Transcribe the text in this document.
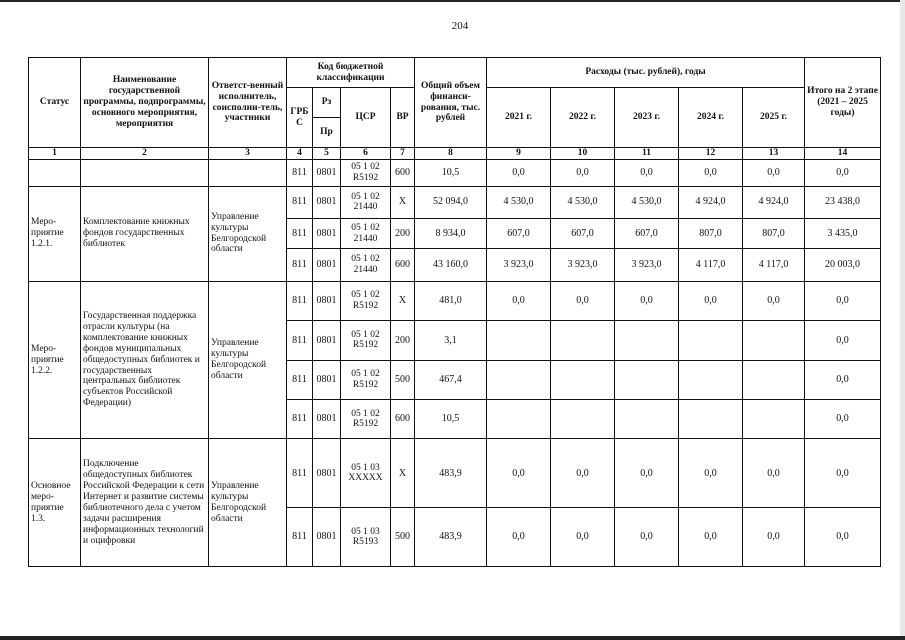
204
Статус	Наименование государственной программы, подпрограммы, основного мероприятия, мероприятия	Ответст-венный исполнитель, соисполни-тель, участники	Код бюджетной классификации				Общий объем финанси-рования, тыс. рублей	Расходы (тыс. рублей), годы					Итого на 2 этапе (2021 – 2025 годы)
			ГРБ С	Рз	ЦСР	ВР		2021 г.	2022 г.	2023 г.	2024 г.	2025 г.	
				Пр									
1	2	3	4	5	6	7	8	9	10	11	12	13	14
			811	0801	05 1 02 R5192	600	10,5	0,0	0,0	0,0	0,0	0,0	0,0
Меро-приятие 1.2.1.	Комплектование книжных фондов государственных библиотек	Управление культуры Белгородской области	811	0801	05 1 02 21440	Х	52 094,0	4 530,0	4 530,0	4 530,0	4 924,0	4 924,0	23 438,0
			811	0801	05 1 02 21440	200	8 934,0	607,0	607,0	607,0	807,0	807,0	3 435,0
			811	0801	05 1 02 21440	600	43 160,0	3 923,0	3 923,0	3 923,0	4 117,0	4 117,0	20 003,0
Меро-приятие 1.2.2.	Государственная поддержка отрасли культуры (на комплектование книжных фондов муниципальных общедоступных библиотек и государственных центральных библиотек субъектов Российской Федерации)	Управление культуры Белгородской области	811	0801	05 1 02 R5192	Х	481,0	0,0	0,0	0,0	0,0	0,0	0,0
			811	0801	05 1 02 R5192	200	3,1						0,0
			811	0801	05 1 02 R5192	500	467,4						0,0
			811	0801	05 1 02 R5192	600	10,5						0,0
Основное меро-приятие 1.3.	Подключение общедоступных библиотек Российской Федерации к сети Интернет и развитие системы библиотечного дела с учетом задачи расширения информационных технологий и оцифровки	Управление культуры Белгородской области	811	0801	05 1 03 ХХХХХ	Х	483,9	0,0	0,0	0,0	0,0	0,0	0,0
			811	0801	05 1 03 R5193	500	483,9	0,0	0,0	0,0	0,0	0,0	0,0
